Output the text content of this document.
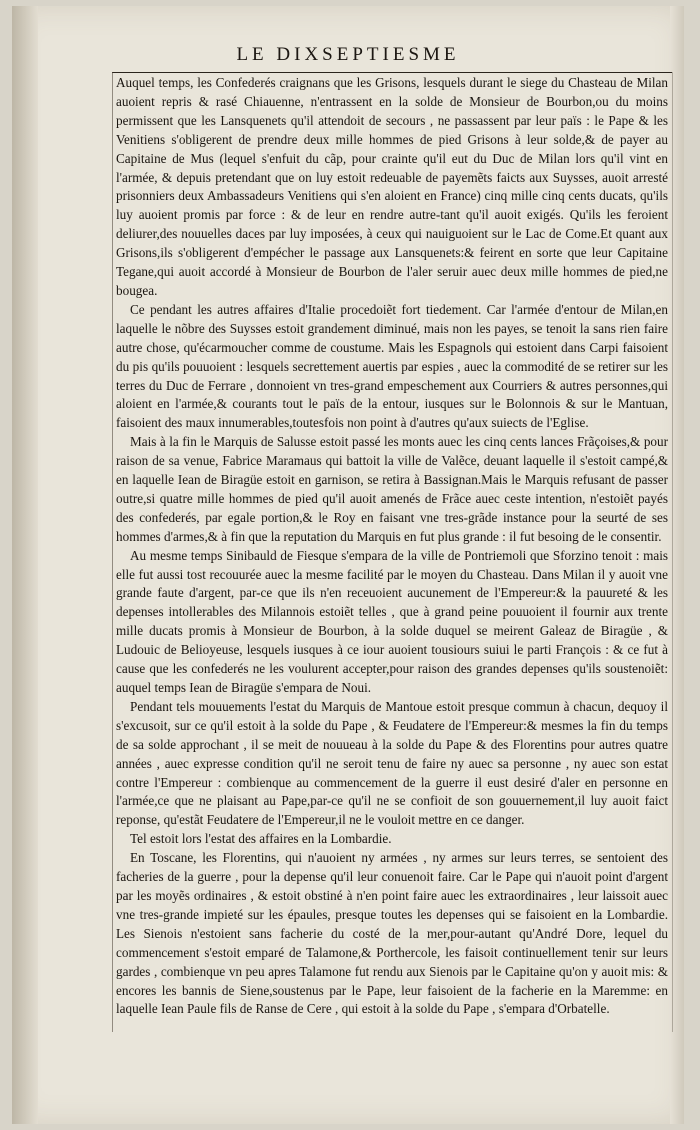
LE DIXSEPTIESME

Auquel temps, les Confederés craignans que les Grisons, lesquels durant le siege du Chasteau de Milan auoient repris & rasé Chiauenne, n'entrassent en la solde de Monsieur de Bourbon,ou du moins permissent que les Lansquenets qu'il attendoit de secours , ne passassent par leur païs : le Pape & les Venitiens s'obligerent de prendre deux mille hommes de pied Grisons à leur solde,& de payer au Capitaine de Mus (lequel s'enfuit du cãp, pour crainte qu'il eut du Duc de Milan lors qu'il vint en l'armée, & depuis pretendant que on luy estoit redeuable de payemẽts faicts aux Suysses, auoit arresté prisonniers deux Ambassadeurs Venitiens qui s'en aloient en France) cinq mille cinq cents ducats, qu'ils luy auoient promis par force : & de leur en rendre autre-tant qu'il auoit exigés. Qu'ils les feroient deliurer,des nouuelles daces par luy imposées, à ceux qui nauiguoient sur le Lac de Come.Et quant aux Grisons,ils s'obligerent d'empécher le passage aux Lansquenets:& feirent en sorte que leur Capitaine Tegane,qui auoit accordé à Monsieur de Bourbon de l'aler seruir auec deux mille hommes de pied,ne bougea.

Ce pendant les autres affaires d'Italie procedoiẽt fort tiedement. Car l'armée d'entour de Milan,en laquelle le nõbre des Suysses estoit grandement diminué, mais non les payes, se tenoit la sans rien faire autre chose, qu'écarmoucher comme de coustume. Mais les Espagnols qui estoient dans Carpi faisoient du pis qu'ils pouuoient : lesquels secrettement auertis par espies , auec la commodité de se retirer sur les terres du Duc de Ferrare , donnoient vn tres-grand empeschement aux Courriers & autres personnes,qui aloient en l'armée,& courants tout le païs de la entour, iusques sur le Bolonnois & sur le Mantuan, faisoient des maux innumerables,toutesfois non point à d'autres qu'aux suiects de l'Eglise.

Mais à la fin le Marquis de Salusse estoit passé les monts auec les cinq cents lances Frãçoises,& pour raison de sa venue, Fabrice Maramaus qui battoit la ville de Valẽce, deuant laquelle il s'estoit campé,& en laquelle Iean de Biragüe estoit en garnison, se retira à Bassignan.Mais le Marquis refusant de passer outre,si quatre mille hommes de pied qu'il auoit amenés de Frãce auec ceste intention, n'estoiẽt payés des confederés, par egale portion,& le Roy en faisant vne tres-grãde instance pour la seurté de ses hommes d'armes,& à fin que la reputation du Marquis en fut plus grande : il fut besoing de le consentir.

Au mesme temps Sinibauld de Fiesque s'empara de la ville de Pontriemoli que Sforzino tenoit : mais elle fut aussi tost recouurée auec la mesme facilité par le moyen du Chasteau. Dans Milan il y auoit vne grande faute d'argent, par-ce que ils n'en receuoient aucunement de l'Empereur:& la pauureté & les depenses intollerables des Milannois estoiẽt telles , que à grand peine pouuoient il fournir aux trente mille ducats promis à Monsieur de Bourbon, à la solde duquel se meirent Galeaz de Biragüe , & Ludouic de Belioyeuse, lesquels iusques à ce iour auoient tousiours suiui le parti François : & ce fut à cause que les confederés ne les voulurent accepter,pour raison des grandes depenses qu'ils soustenoiẽt: auquel temps Iean de Biragüe s'empara de Noui.

Pendant tels mouuements l'estat du Marquis de Mantoue estoit presque commun à chacun, dequoy il s'excusoit, sur ce qu'il estoit à la solde du Pape , & Feudatere de l'Empereur:& mesmes la fin du temps de sa solde approchant , il se meit de nouueau à la solde du Pape & des Florentins pour autres quatre années , auec expresse condition qu'il ne seroit tenu de faire ny auec sa personne , ny auec son estat contre l'Empereur : combienque au commencement de la guerre il eust desiré d'aler en personne en l'armée,ce que ne plaisant au Pape,par-ce qu'il ne se confioit de son gouuernement,il luy auoit faict reponse, qu'estãt Feudatere de l'Empereur,il ne le vouloit mettre en ce danger.

Tel estoit lors l'estat des affaires en la Lombardie.

En Toscane, les Florentins, qui n'auoient ny armées , ny armes sur leurs terres, se sentoient des facheries de la guerre , pour la depense qu'il leur conuenoit faire. Car le Pape qui n'auoit point d'argent par les moyẽs ordinaires , & estoit obstiné à n'en point faire auec les extraordinaires , leur laissoit auec vne tres-grande impieté sur les épaules, presque toutes les depenses qui se faisoient en la Lombardie. Les Sienois n'estoient sans facherie du costé de la mer,pour-autant qu'André Dore, lequel du commencement s'estoit emparé de Talamone,& Porthercole, les faisoit continuellement tenir sur leurs gardes , combienque vn peu apres Talamone fut rendu aux Sienois par le Capitaine qu'on y auoit mis: & encores les bannis de Siene,soustenus par le Pape, leur faisoient de la facherie en la Maremme: en laquelle Iean Paule fils de Ranse de Cere , qui estoit à la solde du Pape , s'empara d'Orbatelle.
